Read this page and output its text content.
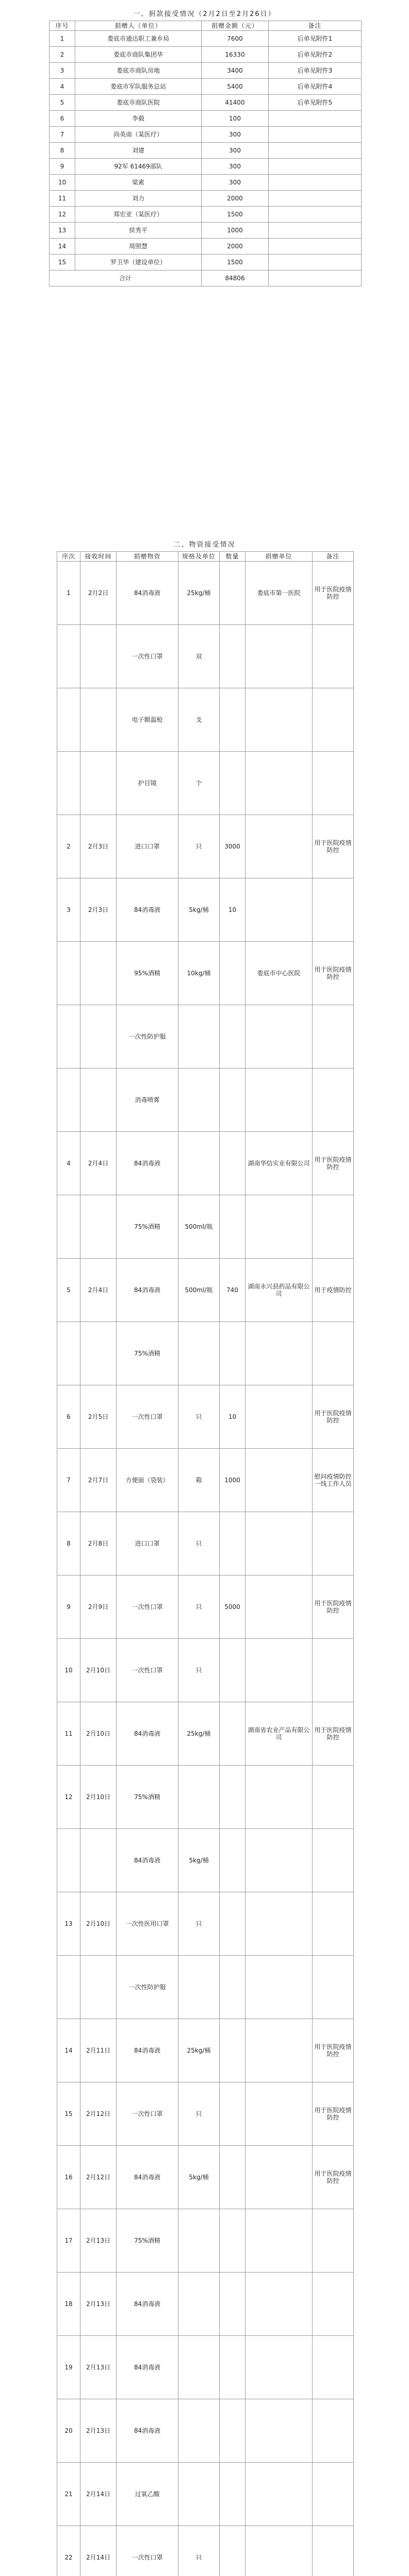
一、捐款接受情况（2月2日至2月26日）
序号	捐赠人（单位）	捐赠金额（元）	备注
1	娄底市通达职工兼乡局	7600	后单见附件1
2	娄底市商队集团华	16330	后单见附件2
3	娄底市商队房地	3400	后单见附件3
4	娄底市军队服务总站	5400	后单见附件4
5	娄底市商队医院	41400	后单见附件5
6	李毅	100	
7	尚英南（某医疗）	300	
8	刘建	300	
9	92军 61469部队	300	
10	梁素	300	
11	刘力	2000	
12	郑宏亚（某医疗）	1500	
13	侯秀平	1000	
14	周照慧	2000	
15	罗卫华（建设单位）	1500	
合计		84806	
二、物资接受情况
序次	接收时间	捐赠物资	规格及单位	数量	捐赠单位	备注
1	2月2日	84消毒液	25kg/桶		娄底市第一医院	用于医院疫情防控
		一次性口罩	双			
		电子额温枪	支			
		护目镜	个			
2	2月3日	进口口罩	只	3000		用于医院疫情防控
3	2月3日	84消毒液	5kg/桶	10		
		95%酒精	10kg/桶		娄底市中心医院	用于医院疫情防控
		一次性防护服				
		消毒喷雾				
4	2月4日	84消毒液			湖南华信实业有限公司	用于医院疫情防控
		75%酒精	500ml/瓶			
5	2月4日	84消毒液	500ml/瓶	740	湖南永兴县药品有限公司	用于疫情防控
		75%酒精				
6	2月5日	一次性口罩	只	10		用于医院疫情防控
7	2月7日	方便面（袋装）	箱	1000		慰问疫情防控一线工作人员
8	2月8日	进口口罩	只			
9	2月9日	一次性口罩	只	5000		用于医院疫情防控
10	2月10日	一次性口罩	只			
11	2月10日	84消毒液	25kg/桶		湖南省农业产品有限公司	用于医院疫情防控
12	2月10日	75%酒精				
		84消毒液	5kg/桶			
13	2月10日	一次性医用口罩	只			
		一次性防护服				
14	2月11日	84消毒液	25kg/桶			用于医院疫情防控
15	2月12日	一次性口罩	只			用于医院疫情防控
16	2月12日	84消毒液	5kg/桶			用于医院疫情防控
17	2月13日	75%酒精				
18	2月13日	84消毒液				
19	2月13日	84消毒液				
20	2月13日	84消毒液				
21	2月14日	过氧乙酸				
22	2月14日	一次性口罩	只			
